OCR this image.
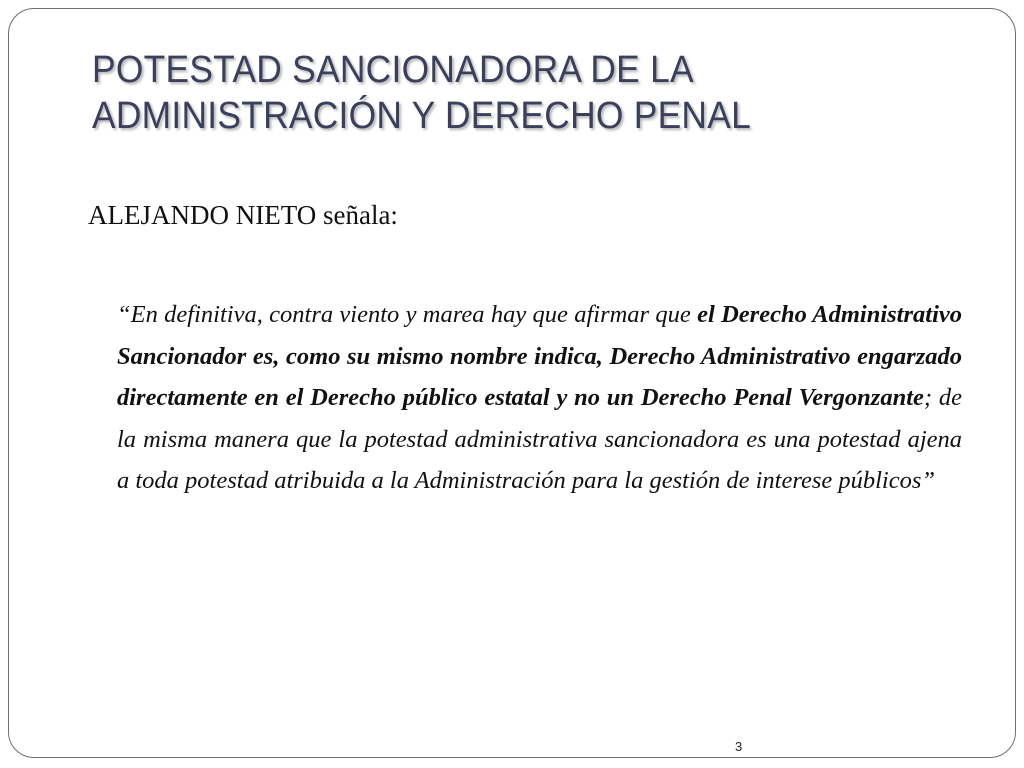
POTESTAD SANCIONADORA DE LA
ADMINISTRACIÓN Y DERECHO PENAL

ALEJANDO NIETO señala:

“En definitiva, contra viento y marea hay que afirmar que el Derecho Administrativo Sancionador es, como su mismo nombre indica, Derecho Administrativo engarzado directamente en el Derecho público estatal y no un Derecho Penal Vergonzante; de la misma manera que la potestad administrativa sancionadora es una potestad ajena a toda potestad atribuida a la Administración para la gestión de interese públicos”

3
